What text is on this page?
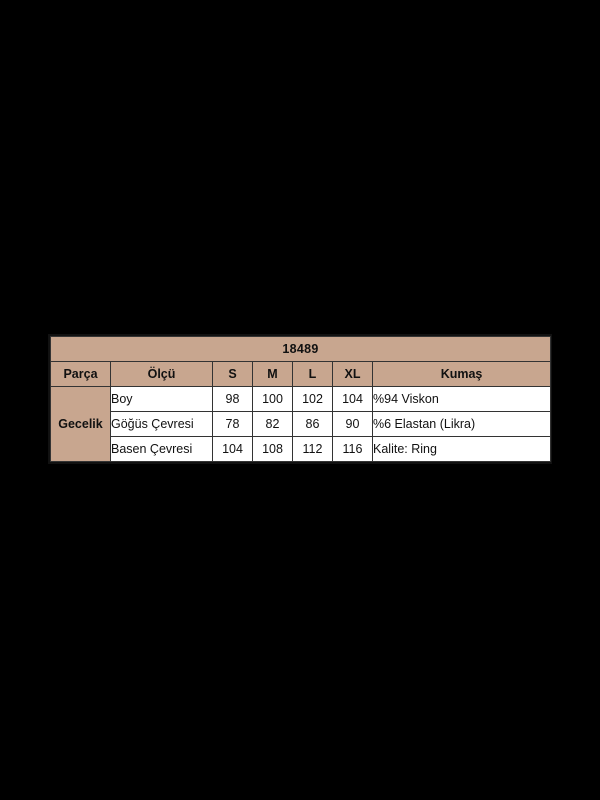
18489						
Parça	Ölçü	S	M	L	XL	Kumaş
Gecelik	Boy	98	100	102	104	%94 Viskon
	Göğüs Çevresi	78	82	86	90	%6 Elastan (Likra)
	Basen Çevresi	104	108	112	116	Kalite: Ring
